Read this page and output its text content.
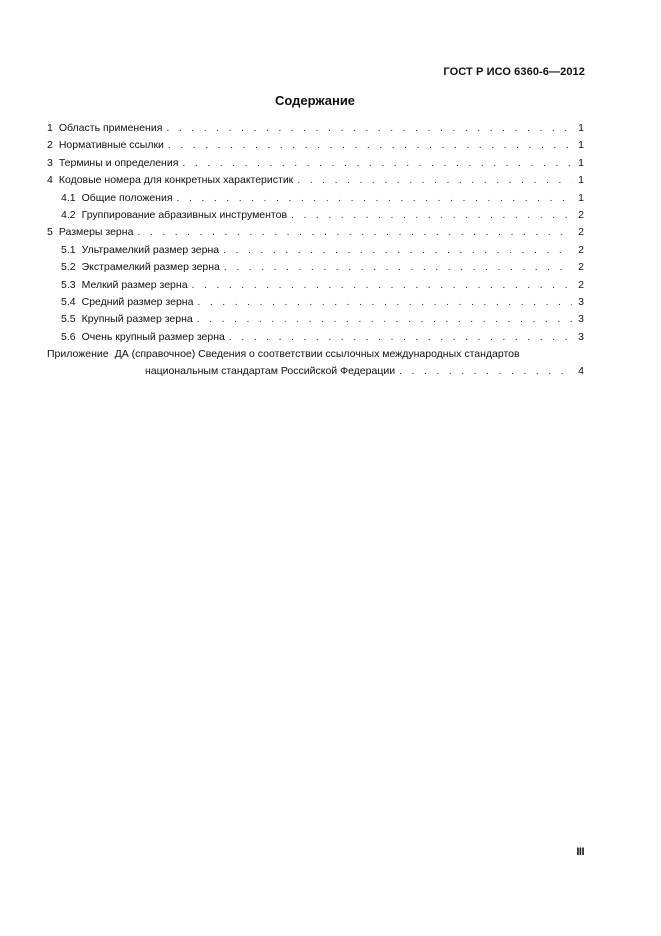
ГОСТ Р ИСО 6360-6—2012
Содержание
1 Область применения . . .	1
2 Нормативные ссылки . . .	1
3 Термины и определения . . .	1
4 Кодовые номера для конкретных характеристик . . .	1
4.1 Общие положения . . .	1
4.2 Группирование абразивных инструментов . . .	2
5 Размеры зерна . . .	2
5.1 Ультрамелкий размер зерна . . .	2
5.2 Экстрамелкий размер зерна . . .	2
5.3 Мелкий размер зерна . . .	2
5.4 Средний размер зерна . . .	3
5.5 Крупный размер зерна . . .	3
5.6 Очень крупный размер зерна . . .	3
Приложение ДА (справочное) Сведения о соответствии ссылочных международных стандартов
национальным стандартам Российской Федерации . . .	4
III
